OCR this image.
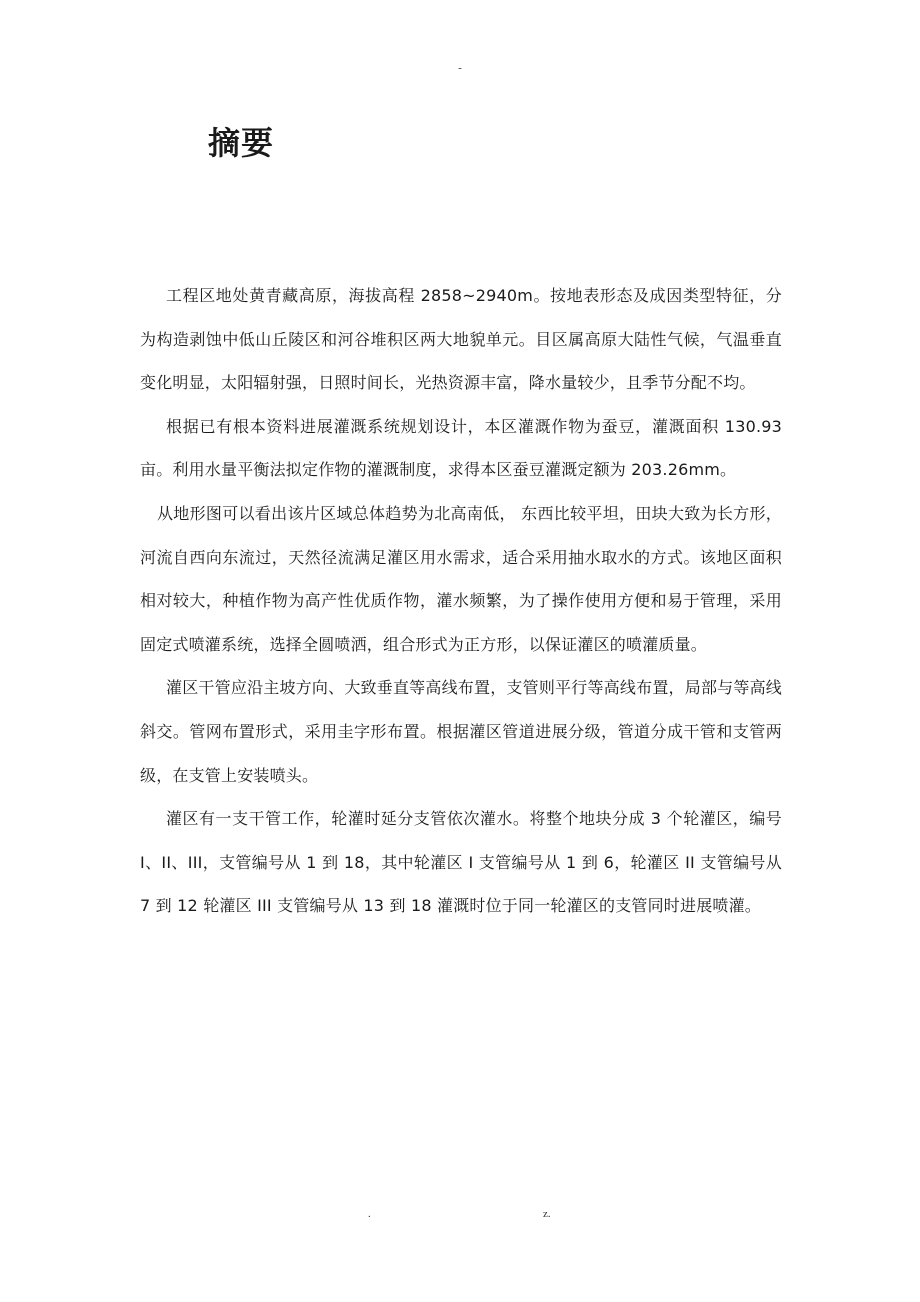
-
摘要

工程区地处黄青藏高原，海拔高程 2858~2940m。按地表形态及成因类型特征，分为构造剥蚀中低山丘陵区和河谷堆积区两大地貌单元。目区属高原大陆性气候，气温垂直变化明显，太阳辐射强，日照时间长，光热资源丰富，降水量较少，且季节分配不均。

根据已有根本资料进展灌溉系统规划设计，本区灌溉作物为蚕豆，灌溉面积 130.93 亩。利用水量平衡法拟定作物的灌溉制度，求得本区蚕豆灌溉定额为 203.26mm。

从地形图可以看出该片区域总体趋势为北高南低， 东西比较平坦，田块大致为长方形，河流自西向东流过，天然径流满足灌区用水需求，适合采用抽水取水的方式。该地区面积相对较大，种植作物为高产性优质作物，灌水频繁，为了操作使用方便和易于管理，采用固定式喷灌系统，选择全圆喷洒，组合形式为正方形，以保证灌区的喷灌质量。

灌区干管应沿主坡方向、大致垂直等高线布置，支管则平行等高线布置，局部与等高线斜交。管网布置形式，采用圭字形布置。根据灌区管道进展分级，管道分成干管和支管两级，在支管上安装喷头。

灌区有一支干管工作，轮灌时延分支管依次灌水。将整个地块分成 3 个轮灌区，编号 I、II、III，支管编号从 1 到 18，其中轮灌区 I 支管编号从 1 到 6，轮灌区 II 支管编号从 7 到 12 轮灌区 III 支管编号从 13 到 18 灌溉时位于同一轮灌区的支管同时进展喷灌。

.	z.
